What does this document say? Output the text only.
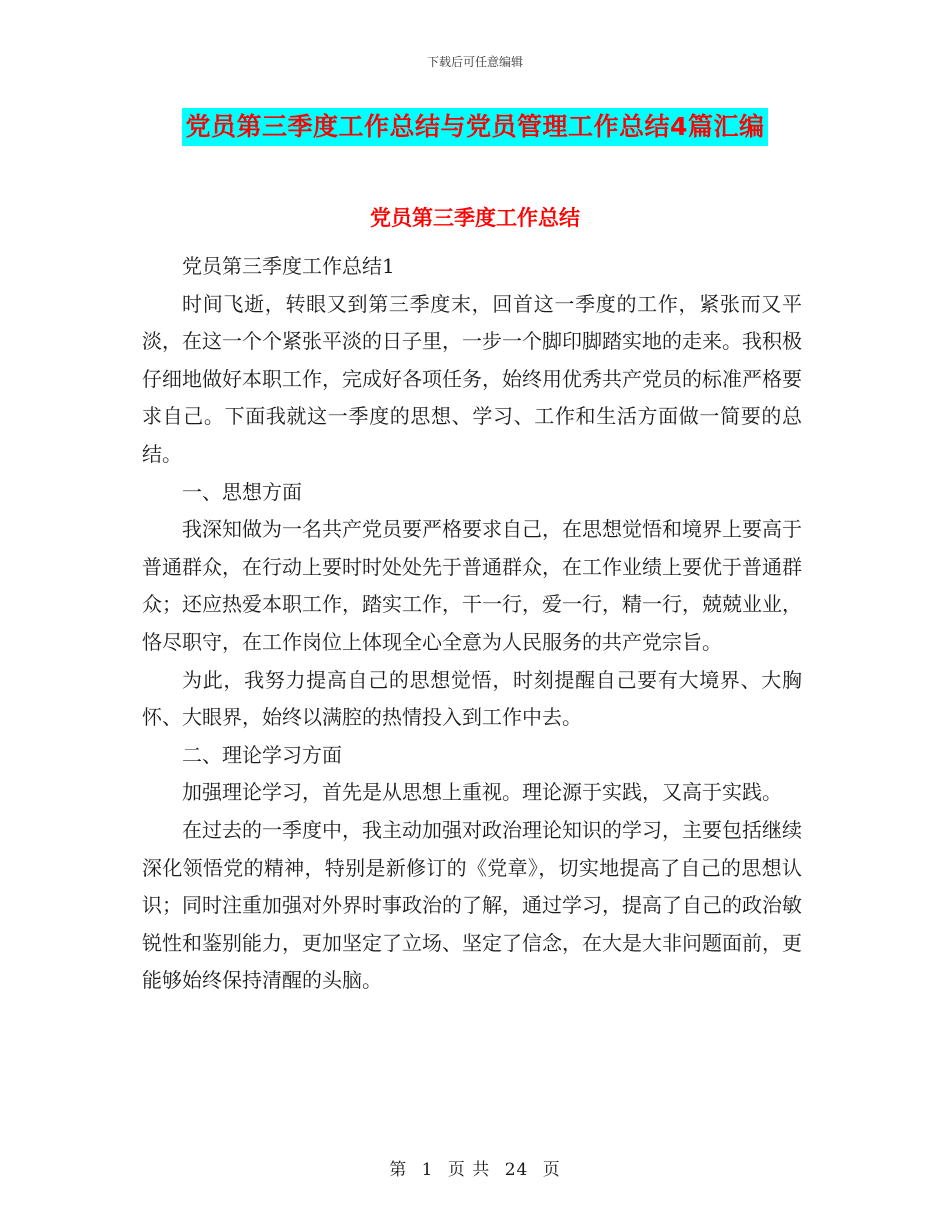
下载后可任意编辑
党员第三季度工作总结与党员管理工作总结4篇汇编
党员第三季度工作总结

党员第三季度工作总结1

时间飞逝，转眼又到第三季度末，回首这一季度的工作，紧张而又平淡，在这一个个紧张平淡的日子里，一步一个脚印脚踏实地的走来。我积极仔细地做好本职工作，完成好各项任务，始终用优秀共产党员的标准严格要求自己。下面我就这一季度的思想、学习、工作和生活方面做一简要的总结。

一、思想方面

我深知做为一名共产党员要严格要求自己，在思想觉悟和境界上要高于普通群众，在行动上要时时处处先于普通群众，在工作业绩上要优于普通群众；还应热爱本职工作，踏实工作，干一行，爱一行，精一行，兢兢业业，恪尽职守，在工作岗位上体现全心全意为人民服务的共产党宗旨。

为此，我努力提高自己的思想觉悟，时刻提醒自己要有大境界、大胸怀、大眼界，始终以满腔的热情投入到工作中去。

二、理论学习方面

加强理论学习，首先是从思想上重视。理论源于实践，又高于实践。

在过去的一季度中，我主动加强对政治理论知识的学习，主要包括继续深化领悟党的精神，特别是新修订的《党章》，切实地提高了自己的思想认识；同时注重加强对外界时事政治的了解，通过学习，提高了自己的政治敏锐性和鉴别能力，更加坚定了立场、坚定了信念，在大是大非问题面前，更能够始终保持清醒的头脑。

第 1 页 共 24 页
